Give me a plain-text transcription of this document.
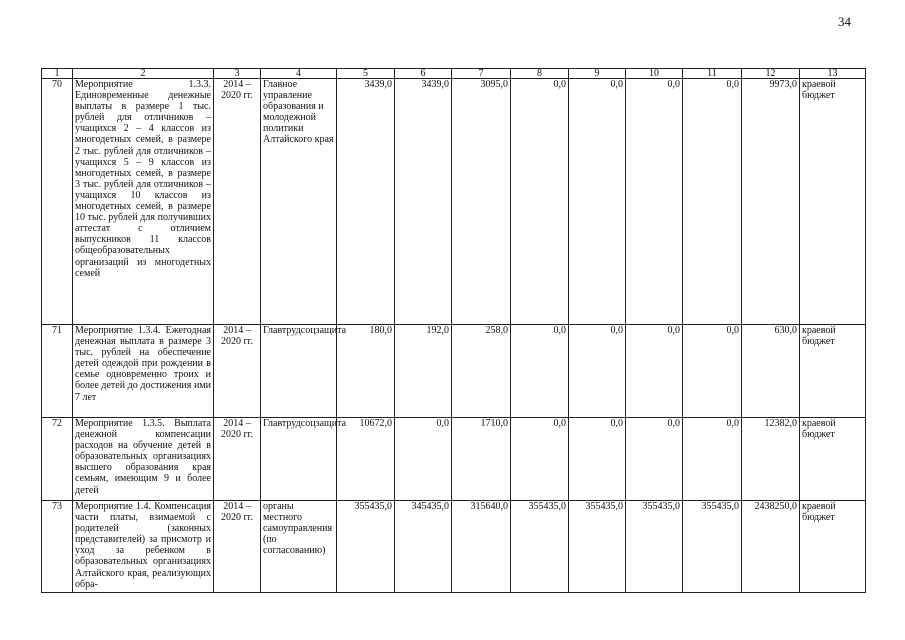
34
1	2	3	4	5	6	7	8	9	10	11	12	13
70	Мероприятие 1.3.3. Единовременные денежные выплаты в размере 1 тыс. рублей для отличников – учащихся 2 – 4 классов из многодетных семей, в размере 2 тыс. рублей для отличников – учащихся 5 – 9 классов из многодетных семей, в размере 3 тыс. рублей для отличников – учащихся 10 классов из многодетных семей, в размере 10 тыс. рублей для получивших аттестат с отличием выпускников 11 классов общеобразовательных организаций из многодетных семей	2014 – 2020 гг.	Главное управление образования и молодежной политики Алтайского края	3439,0	3439,0	3095,0	0,0	0,0	0,0	0,0	9973,0	краевой бюджет
71	Мероприятие 1.3.4. Ежегодная денежная выплата в размере 3 тыс. рублей на обеспечение детей одеждой при рождении в семье одновременно троих и более детей до достижения ими 7 лет	2014 – 2020 гг.	Главтрудсоцзащита	180,0	192,0	258,0	0,0	0,0	0,0	0,0	630,0	краевой бюджет
72	Мероприятие 1.3.5. Выплата денежной компенсации расходов на обучение детей в образовательных организациях высшего образования края семьям, имеющим 9 и более детей	2014 – 2020 гг.	Главтрудсоцзащита	10672,0	0,0	1710,0	0,0	0,0	0,0	0,0	12382,0	краевой бюджет
73	Мероприятие 1.4. Компенсация части платы, взимаемой с родителей (законных представителей) за присмотр и уход за ребенком в образовательных организациях Алтайского края, реализующих обра-	2014 – 2020 гг.	органы местного самоуправления (по согласованию)	355435,0	345435,0	315640,0	355435,0	355435,0	355435,0	355435,0	2438250,0	краевой бюджет
